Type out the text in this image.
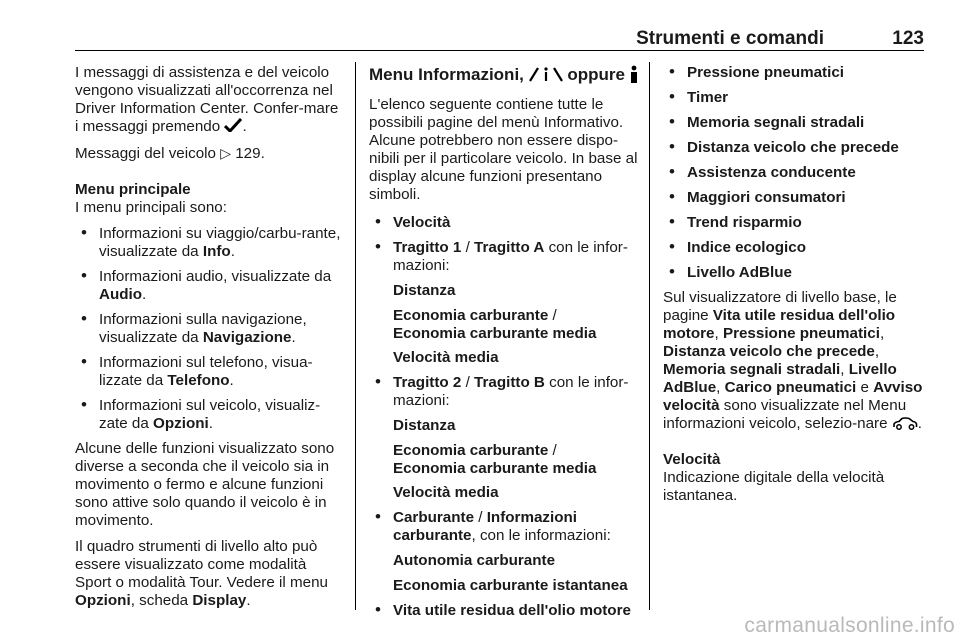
Strumenti e comandi	123

I messaggi di assistenza e del veicolo vengono visualizzati all'occorrenza nel Driver Information Center. Confer-mare i messaggi premendo .

Messaggi del veicolo ▷ 129.

Menu principale

I menu principali sono:

• Informazioni su viaggio/carbu-rante, visualizzate da Info.
• Informazioni audio, visualizzate da Audio.
• Informazioni sulla navigazione, visualizzate da Navigazione.
• Informazioni sul telefono, visua-lizzate da Telefono.
• Informazioni sul veicolo, visualiz-zate da Opzioni.

Alcune delle funzioni visualizzato sono diverse a seconda che il veicolo sia in movimento o fermo e alcune funzioni sono attive solo quando il veicolo è in movimento.

Il quadro strumenti di livello alto può essere visualizzato come modalità Sport o modalità Tour. Vedere il menu Opzioni, scheda Display.

Menu Informazioni,	oppure

L'elenco seguente contiene tutte le possibili pagine del menù Informativo. Alcune potrebbero non essere dispo-nibili per il particolare veicolo. In base al display alcune funzioni presentano simboli.

• Velocità
• Tragitto 1 / Tragitto A con le infor-mazioni:
Distanza
Economia carburante /
Economia carburante media
Velocità media
• Tragitto 2 / Tragitto B con le infor-mazioni:
Distanza
Economia carburante /
Economia carburante media
Velocità media
• Carburante / Informazioni carburante, con le informazioni:
Autonomia carburante
Economia carburante istantanea
• Vita utile residua dell'olio motore
• Pressione pneumatici
• Timer
• Memoria segnali stradali
• Distanza veicolo che precede
• Assistenza conducente
• Maggiori consumatori
• Trend risparmio
• Indice ecologico
• Livello AdBlue

Sul visualizzatore di livello base, le pagine Vita utile residua dell'olio motore, Pressione pneumatici, Distanza veicolo che precede, Memoria segnali stradali, Livello AdBlue, Carico pneumatici e Avviso velocità sono visualizzate nel Menu informazioni veicolo, selezio-nare .

Velocità

Indicazione digitale della velocità istantanea.

carmanualsonline.info
